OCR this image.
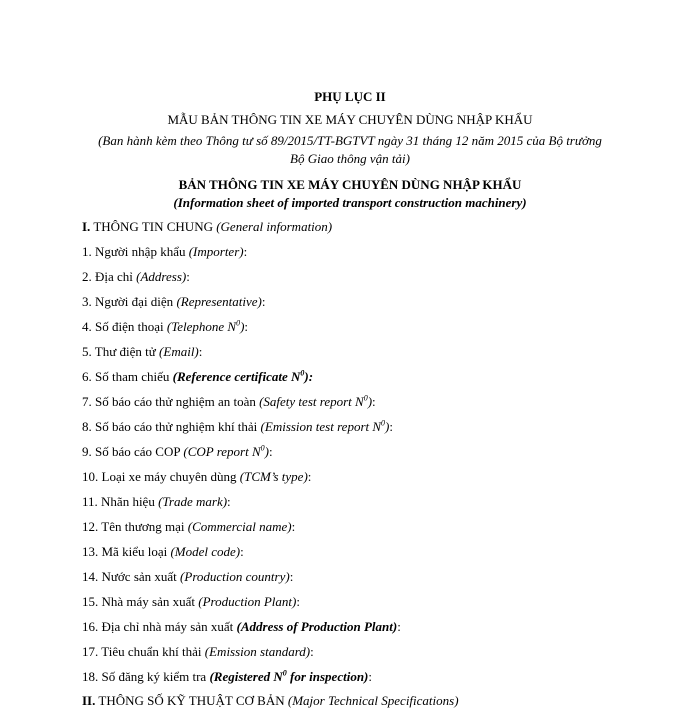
PHỤ LỤC II
MẪU BẢN THÔNG TIN XE MÁY CHUYÊN DÙNG NHẬP KHẨU
(Ban hành kèm theo Thông tư số 89/2015/TT-BGTVT ngày 31 tháng 12 năm 2015 của Bộ trưởng
Bộ Giao thông vận tải)
BẢN THÔNG TIN XE MÁY CHUYÊN DÙNG NHẬP KHẨU
(Information sheet of imported transport construction machinery)
I. THÔNG TIN CHUNG (General information)
1. Người nhập khẩu (Importer):
2. Địa chỉ (Address):
3. Người đại diện (Representative):
4. Số điện thoại (Telephone $N^0$):
5. Thư điện tử (Email):
6. Số tham chiếu (Reference certificate $N^0$):
7. Số báo cáo thử nghiệm an toàn (Safety test report $N^0$):
8. Số báo cáo thử nghiệm khí thải (Emission test report $N^0$):
9. Số báo cáo COP (COP report $N^0$):
10. Loại xe máy chuyên dùng (TCM’s type):
11. Nhãn hiệu (Trade mark):
12. Tên thương mại (Commercial name):
13. Mã kiểu loại (Model code):
14. Nước sản xuất (Production country):
15. Nhà máy sản xuất (Production Plant):
16. Địa chỉ nhà máy sản xuất (Address of Production Plant):
17. Tiêu chuẩn khí thải (Emission standard):
18. Số đăng ký kiểm tra (Registered $N^0$ for inspection):
II. THÔNG SỐ KỸ THUẬT CƠ BẢN (Major Technical Specifications)
